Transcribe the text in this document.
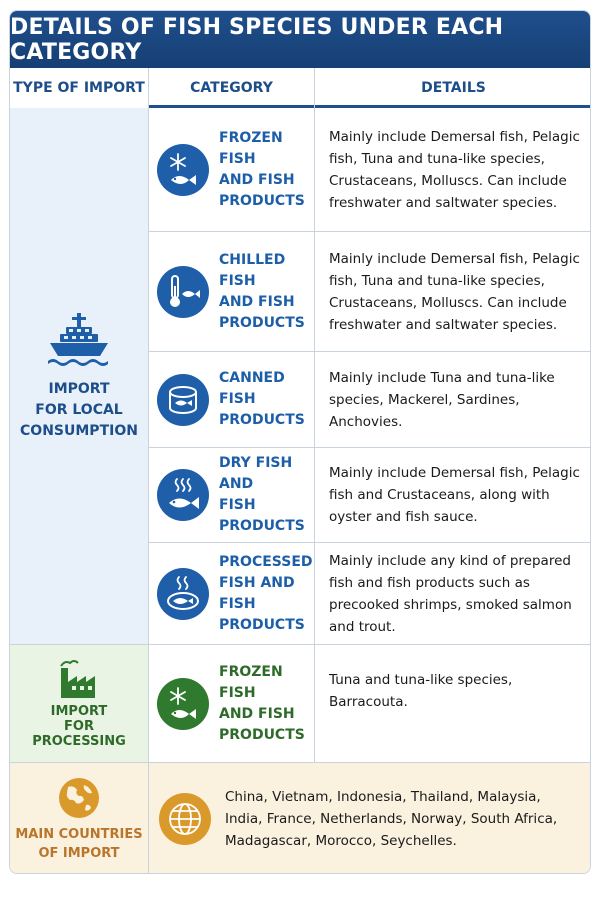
DETAILS OF FISH SPECIES UNDER EACH CATEGORY
TYPE OF IMPORT	CATEGORY	DETAILS
IMPORT
FOR LOCAL
CONSUMPTION
FROZEN FISH
AND FISH
PRODUCTS
Mainly include Demersal fish, Pelagic
fish, Tuna and tuna-like species,
Crustaceans, Molluscs. Can include
freshwater and saltwater species.
CHILLED FISH
AND FISH
PRODUCTS
Mainly include Demersal fish, Pelagic
fish, Tuna and tuna-like species,
Crustaceans, Molluscs. Can include
freshwater and saltwater species.
CANNED FISH
PRODUCTS
Mainly include Tuna and tuna-like
species, Mackerel, Sardines,
Anchovies.
DRY FISH AND
FISH PRODUCTS
Mainly include Demersal fish, Pelagic
fish and Crustaceans, along with
oyster and fish sauce.
PROCESSED
FISH AND FISH
PRODUCTS
Mainly include any kind of prepared
fish and fish products such as
precooked shrimps, smoked salmon
and trout.
IMPORT
FOR
PROCESSING
FROZEN FISH
AND FISH
PRODUCTS
Tuna and tuna-like species,
Barracouta.
MAIN COUNTRIES
OF IMPORT
China, Vietnam, Indonesia, Thailand, Malaysia,
India, France, Netherlands, Norway, South Africa,
Madagascar, Morocco, Seychelles.
